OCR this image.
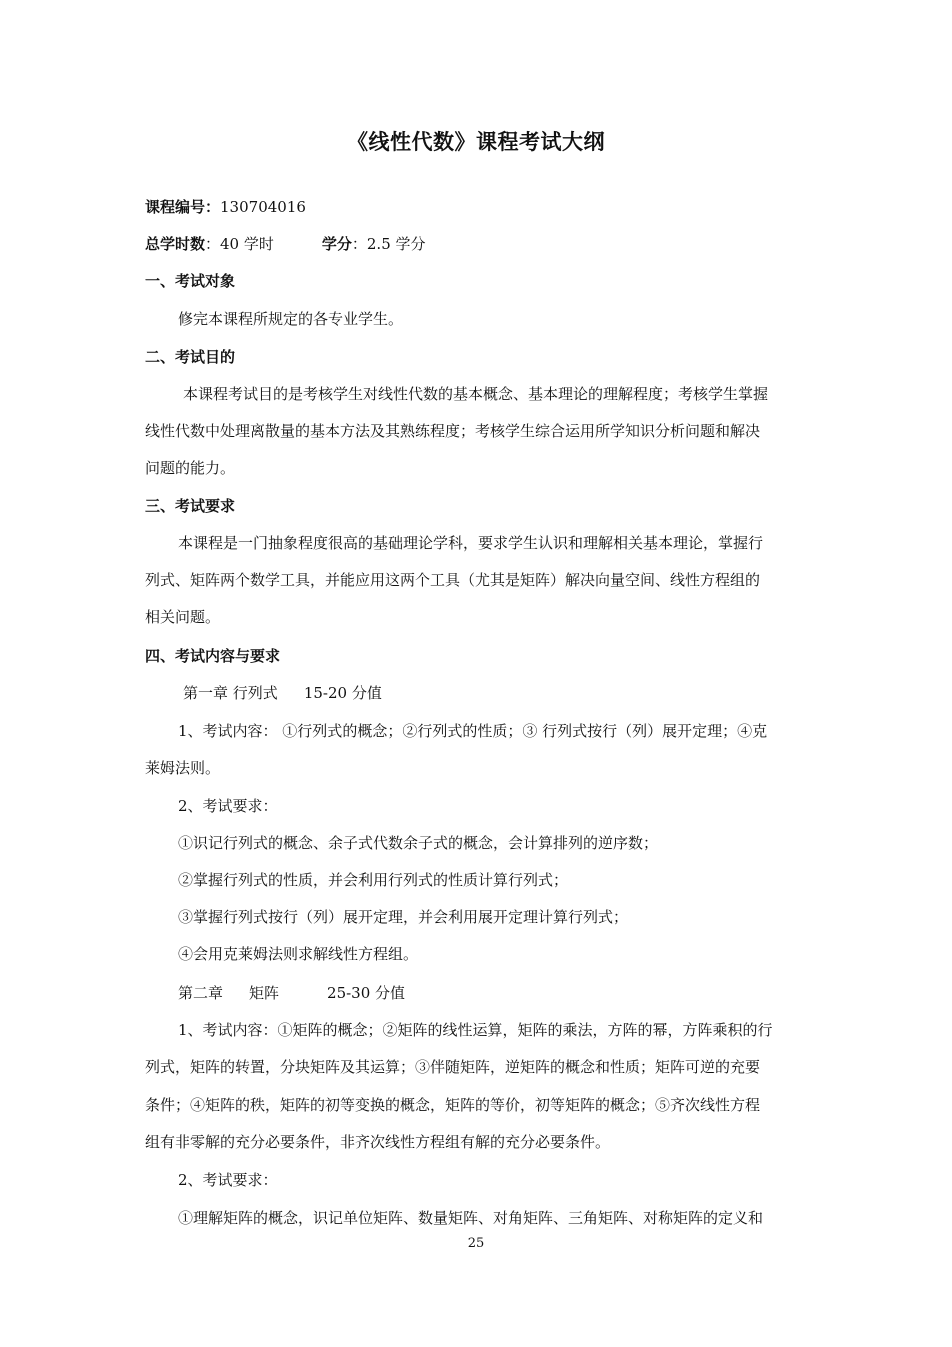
《线性代数》课程考试大纲
课程编号：130704016
总学时数：40 学时	学分：2.5 学分
一、考试对象
修完本课程所规定的各专业学生。
二、考试目的
本课程考试目的是考核学生对线性代数的基本概念、基本理论的理解程度；考核学生掌握
线性代数中处理离散量的基本方法及其熟练程度；考核学生综合运用所学知识分析问题和解决
问题的能力。
三、考试要求
本课程是一门抽象程度很高的基础理论学科，要求学生认识和理解相关基本理论，掌握行
列式、矩阵两个数学工具，并能应用这两个工具（尤其是矩阵）解决向量空间、线性方程组的
相关问题。
四、考试内容与要求
第一章 行列式 15-20 分值
1、考试内容： ①行列式的概念；②行列式的性质；③ 行列式按行（列）展开定理；④克
莱姆法则。
2、考试要求：
①识记行列式的概念、余子式代数余子式的概念，会计算排列的逆序数；
②掌握行列式的性质，并会利用行列式的性质计算行列式；
③掌握行列式按行（列）展开定理，并会利用展开定理计算行列式；
④会用克莱姆法则求解线性方程组。
第二章 矩阵	25-30 分值
1、考试内容：①矩阵的概念；②矩阵的线性运算，矩阵的乘法，方阵的幂，方阵乘积的行
列式，矩阵的转置，分块矩阵及其运算；③伴随矩阵，逆矩阵的概念和性质；矩阵可逆的充要
条件；④矩阵的秩，矩阵的初等变换的概念，矩阵的等价，初等矩阵的概念；⑤齐次线性方程
组有非零解的充分必要条件，非齐次线性方程组有解的充分必要条件。
2、考试要求：
①理解矩阵的概念，识记单位矩阵、数量矩阵、对角矩阵、三角矩阵、对称矩阵的定义和
25
